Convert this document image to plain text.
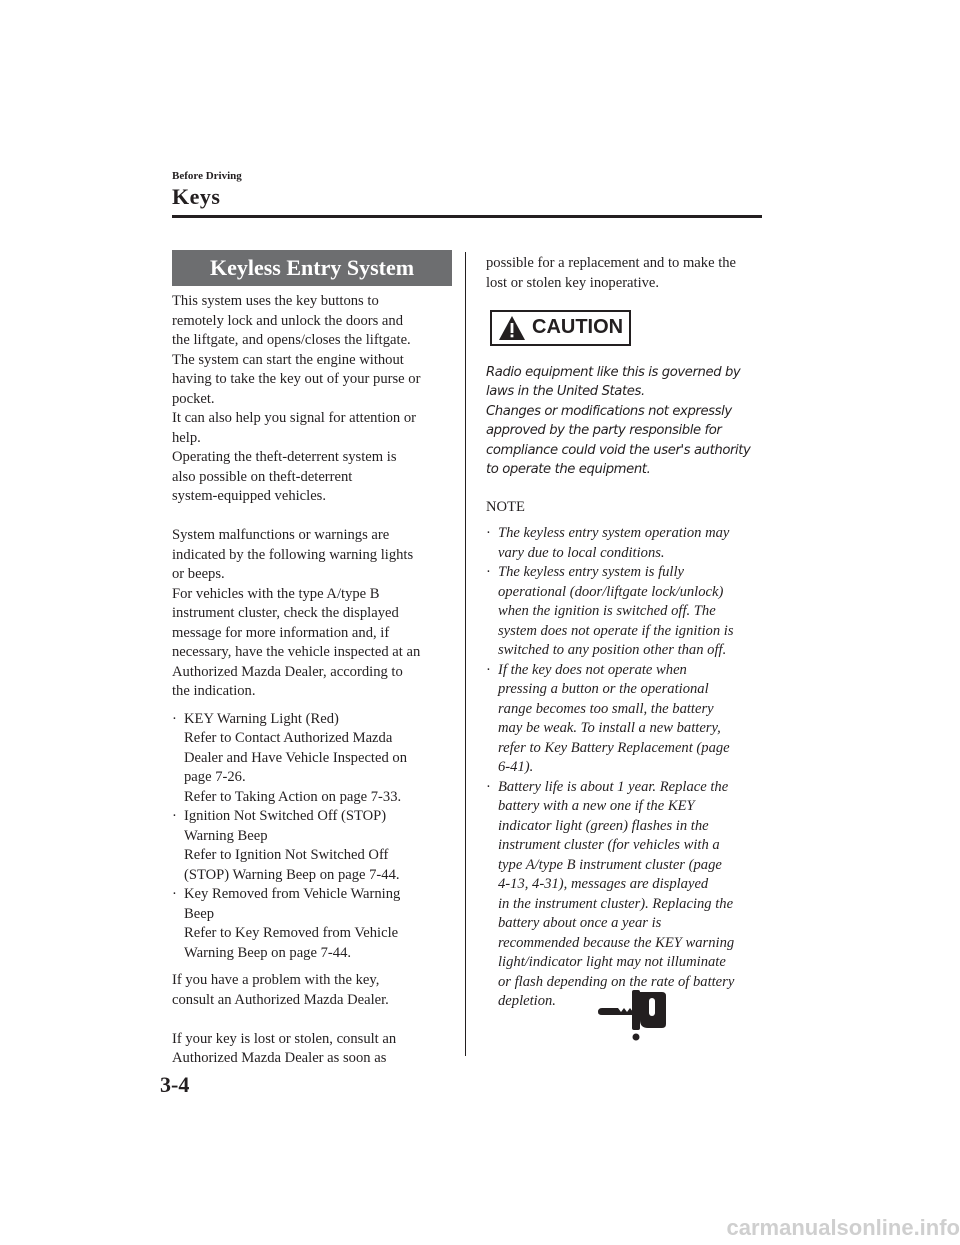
Before Driving
Keys
Keyless Entry System

This system uses the key buttons to

remotely lock and unlock the doors and

the liftgate, and opens/closes the liftgate.

The system can start the engine without

having to take the key out of your purse or

pocket.

It can also help you signal for attention or

help.

Operating the theft-deterrent system is

also possible on theft-deterrent

system-equipped vehicles.

System malfunctions or warnings are

indicated by the following warning lights

or beeps.

For vehicles with the type A/type B

instrument cluster, check the displayed

message for more information and, if

necessary, have the vehicle inspected at an

Authorized Mazda Dealer, according to

the indication.

· KEY Warning Light (Red)

Refer to Contact Authorized Mazda

Dealer and Have Vehicle Inspected on

page 7-26.

Refer to Taking Action on page 7-33.

· Ignition Not Switched Off (STOP)

Warning Beep

Refer to Ignition Not Switched Off

(STOP) Warning Beep on page 7-44.

· Key Removed from Vehicle Warning

Beep

Refer to Key Removed from Vehicle

Warning Beep on page 7-44.

If you have a problem with the key,

consult an Authorized Mazda Dealer.

If your key is lost or stolen, consult an

Authorized Mazda Dealer as soon as

possible for a replacement and to make the

lost or stolen key inoperative.

CAUTION

Radio equipment like this is governed by

laws in the United States.

Changes or modifications not expressly

approved by the party responsible for

compliance could void the user's authority

to operate the equipment.

NOTE
· The keyless entry system operation may

vary due to local conditions.

· The keyless entry system is fully

operational (door/liftgate lock/unlock)

when the ignition is switched off. The

system does not operate if the ignition is

switched to any position other than off.

· If the key does not operate when

pressing a button or the operational

range becomes too small, the battery

may be weak. To install a new battery,

refer to Key Battery Replacement (page

6-41).

· Battery life is about 1 year. Replace the

battery with a new one if the KEY

indicator light (green) flashes in the

instrument cluster (for vehicles with a

type A/type B instrument cluster (page

4-13, 4-31), messages are displayed

in the instrument cluster). Replacing the

battery about once a year is

recommended because the KEY warning

light/indicator light may not illuminate

or flash depending on the rate of battery

depletion.

3-4
carmanualsonline.info
